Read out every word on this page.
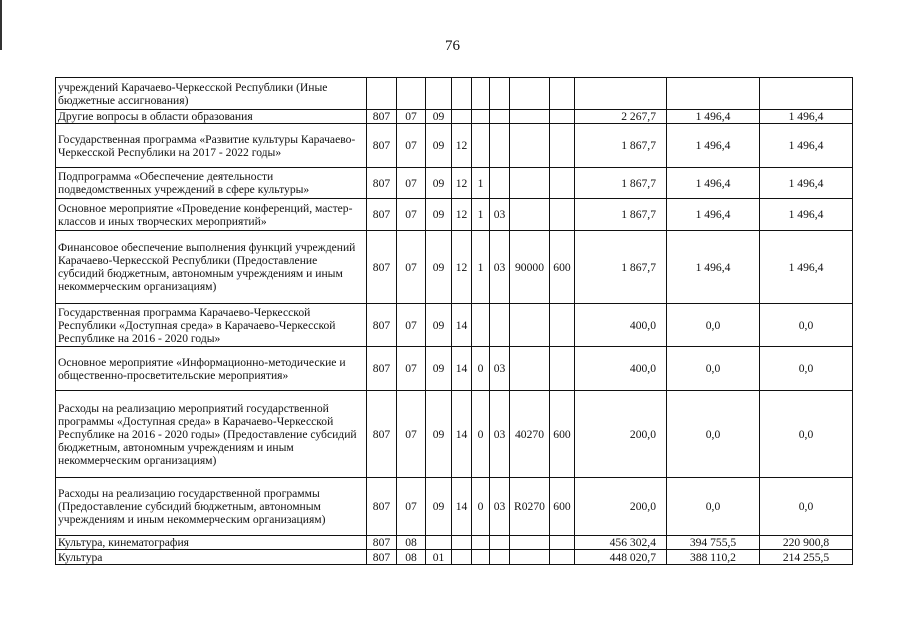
76
учреждений Карачаево-Черкесской Республики (Иные бюджетные ассигнования)											
Другие вопросы в области образования	807	07	09						2 267,7	1 496,4	1 496,4
Государственная программа «Развитие культуры Карачаево-Черкесской Республики на 2017 - 2022 годы»	807	07	09	12					1 867,7	1 496,4	1 496,4
Подпрограмма «Обеспечение деятельности подведомственных учреждений в сфере культуры»	807	07	09	12	1				1 867,7	1 496,4	1 496,4
Основное мероприятие «Проведение конференций, мастер-классов и иных творческих мероприятий»	807	07	09	12	1	03			1 867,7	1 496,4	1 496,4
Финансовое обеспечение выполнения функций учреждений Карачаево-Черкесской Республики (Предоставление субсидий бюджетным, автономным учреждениям и иным некоммерческим организациям)	807	07	09	12	1	03	90000	600	1 867,7	1 496,4	1 496,4
Государственная программа Карачаево-Черкесской Республики «Доступная среда» в Карачаево-Черкесской Республике на 2016 - 2020 годы»	807	07	09	14					400,0	0,0	0,0
Основное мероприятие «Информационно-методические и общественно-просветительские мероприятия»	807	07	09	14	0	03			400,0	0,0	0,0
Расходы на реализацию мероприятий государственной программы «Доступная среда» в Карачаево-Черкесской Республике на 2016 - 2020 годы» (Предоставление субсидий бюджетным, автономным учреждениям и иным некоммерческим организациям)	807	07	09	14	0	03	40270	600	200,0	0,0	0,0
Расходы на реализацию государственной программы (Предоставление субсидий бюджетным, автономным учреждениям и иным некоммерческим организациям)	807	07	09	14	0	03	R0270	600	200,0	0,0	0,0
Культура, кинематография	807	08							456 302,4	394 755,5	220 900,8
Культура	807	08	01						448 020,7	388 110,2	214 255,5
